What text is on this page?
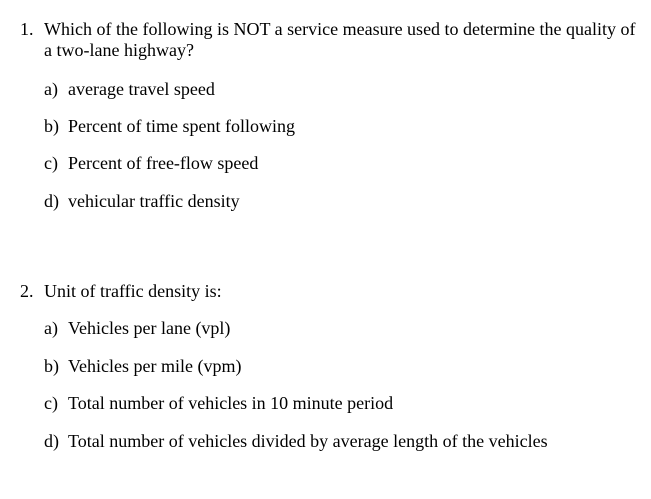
1. Which of the following is NOT a service measure used to determine the quality of a two-lane highway?
a) average travel speed
b) Percent of time spent following
c) Percent of free-flow speed
d) vehicular traffic density
2. Unit of traffic density is:
a) Vehicles per lane (vpl)
b) Vehicles per mile (vpm)
c) Total number of vehicles in 10 minute period
d) Total number of vehicles divided by average length of the vehicles
